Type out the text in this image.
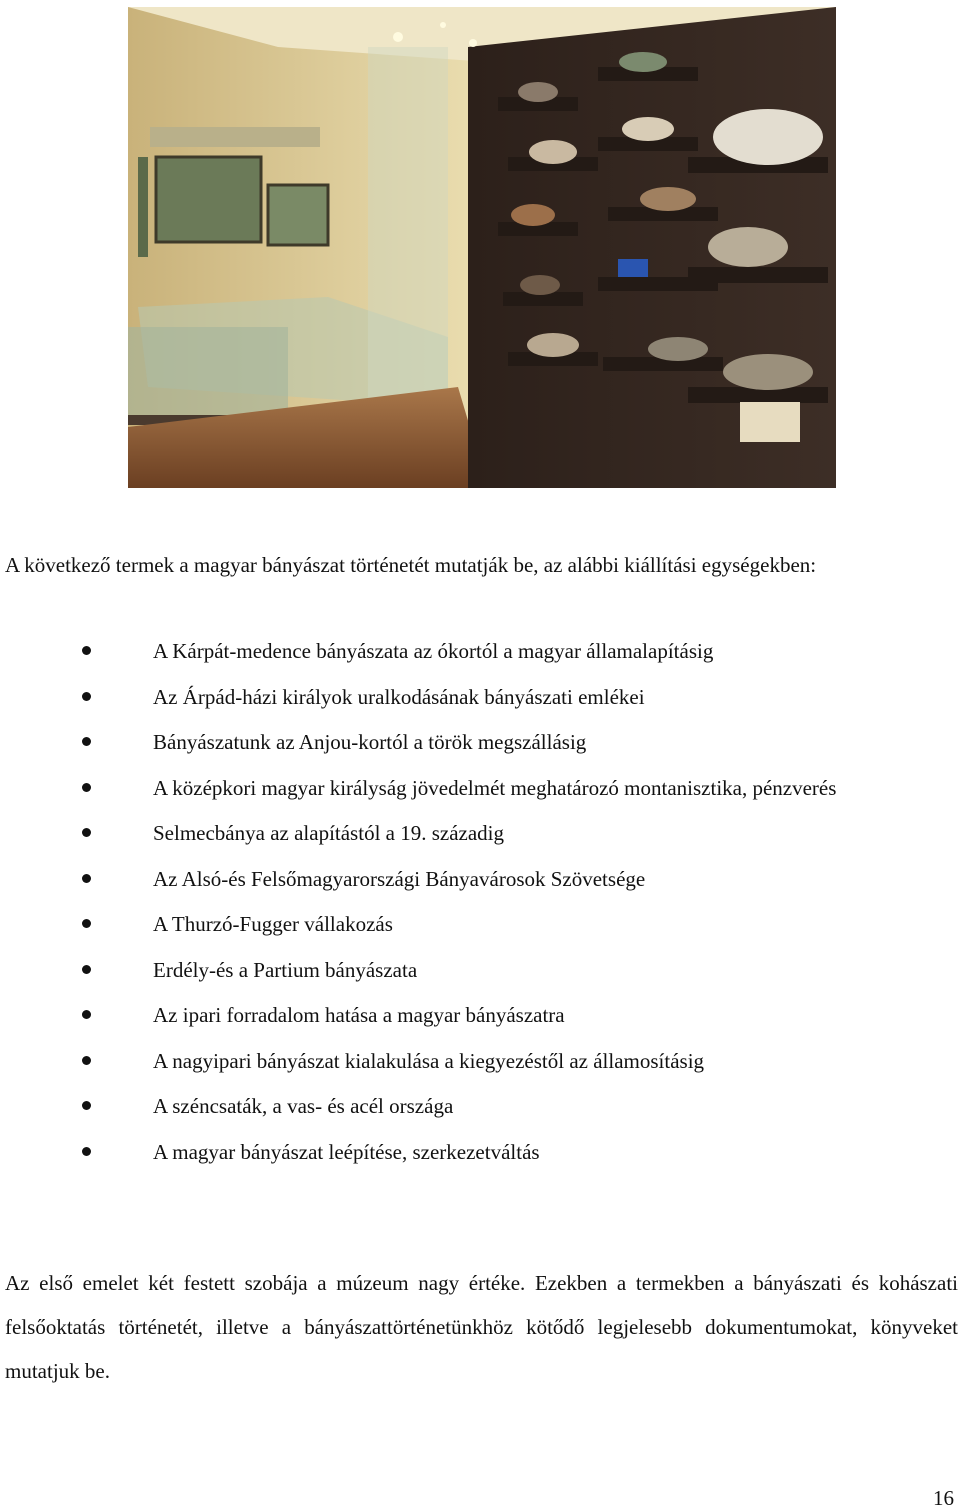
A következő termek a magyar bányászat történetét mutatják be, az alábbi kiállítási egységekben:

A Kárpát-medence bányászata az ókortól a magyar államalapításig
Az Árpád-házi királyok uralkodásának bányászati emlékei
Bányászatunk az Anjou-kortól a török megszállásig
A középkori magyar királyság jövedelmét meghatározó montanisztika, pénzverés
Selmecbánya az alapítástól a 19. századig
Az Alsó-és Felsőmagyarországi Bányavárosok Szövetsége
A Thurzó-Fugger vállakozás
Erdély-és a Partium bányászata
Az ipari forradalom hatása a magyar bányászatra
A nagyipari bányászat kialakulása a kiegyezéstől az államosításig
A széncsaták, a vas- és acél országa
A magyar bányászat leépítése, szerkezetváltás

Az első emelet két festett szobája a múzeum nagy értéke. Ezekben a termekben a bányászati és kohászati felsőoktatás történetét, illetve a bányászattörténetünkhöz kötődő legjelesebb dokumentumokat, könyveket mutatjuk be.

16
